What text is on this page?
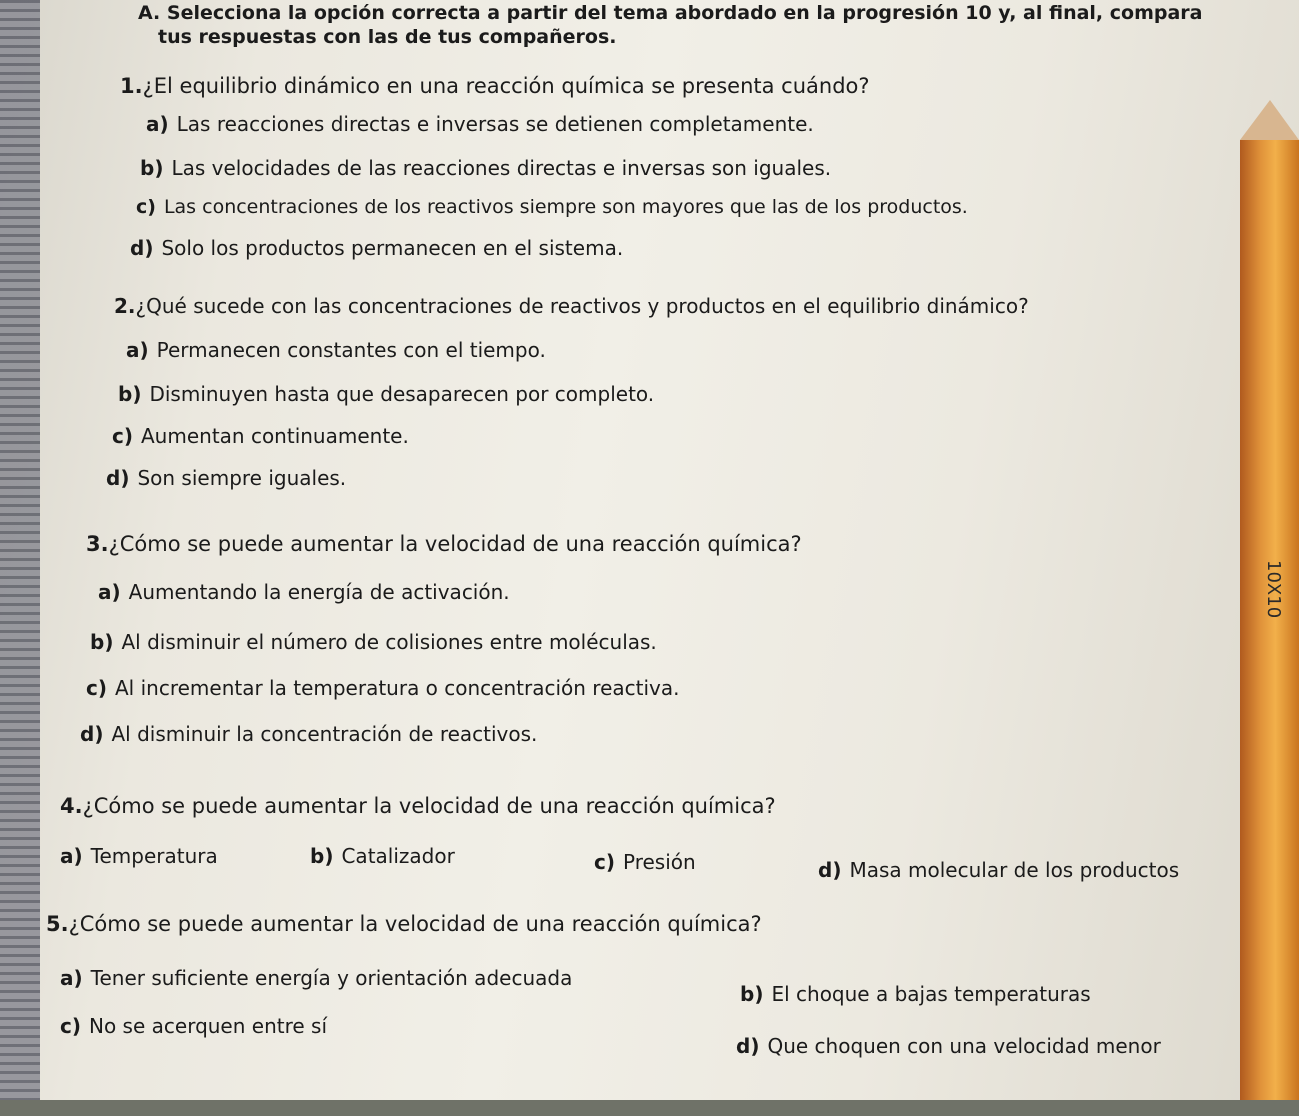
10X10
A. Selecciona la opción correcta a partir del tema abordado en la progresión 10 y, al final, compara
tus respuestas con las de tus compañeros.
1.¿El equilibrio dinámico en una reacción química se presenta cuándo?
a) Las reacciones directas e inversas se detienen completamente.
b) Las velocidades de las reacciones directas e inversas son iguales.
c) Las concentraciones de los reactivos siempre son mayores que las de los productos.
d) Solo los productos permanecen en el sistema.
2.¿Qué sucede con las concentraciones de reactivos y productos en el equilibrio dinámico?
a) Permanecen constantes con el tiempo.
b) Disminuyen hasta que desaparecen por completo.
c) Aumentan continuamente.
d) Son siempre iguales.
3.¿Cómo se puede aumentar la velocidad de una reacción química?
a) Aumentando la energía de activación.
b) Al disminuir el número de colisiones entre moléculas.
c) Al incrementar la temperatura o concentración reactiva.
d) Al disminuir la concentración de reactivos.
4.¿Cómo se puede aumentar la velocidad de una reacción química?
a) Temperatura	b) Catalizador	c) Presión	d) Masa molecular de los productos
5.¿Cómo se puede aumentar la velocidad de una reacción química?
a) Tener suficiente energía y orientación adecuada
b) El choque a bajas temperaturas
c) No se acerquen entre sí
d) Que choquen con una velocidad menor
